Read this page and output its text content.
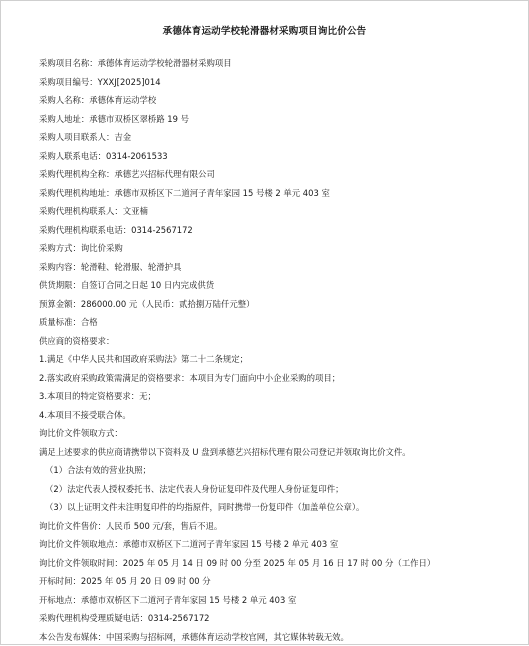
承德体育运动学校轮滑器材采购项目询比价公告
采购项目名称：承德体育运动学校轮滑器材采购项目
采购项目编号：YXXJ[2025]014
采购人名称：承德体育运动学校
采购人地址：承德市双桥区翠桥路 19 号
采购人项目联系人：吉金
采购人联系电话：0314-2061533
采购代理机构全称：承德艺兴招标代理有限公司
采购代理机构地址：承德市双桥区下二道河子青年家园 15 号楼 2 单元 403 室
采购代理机构联系人：文亚楠
采购代理机构联系电话：0314-2567172
采购方式：询比价采购
采购内容：轮滑鞋、轮滑服、轮滑护具
供货期限：自签订合同之日起 10 日内完成供货
预算金额：286000.00 元（人民币：贰拾捌万陆仟元整）
质量标准：合格
供应商的资格要求：
1.满足《中华人民共和国政府采购法》第二十二条规定；
2.落实政府采购政策需满足的资格要求：本项目为专门面向中小企业采购的项目；
3.本项目的特定资格要求：无；
4.本项目不接受联合体。
询比价文件领取方式：
满足上述要求的供应商请携带以下资料及 U 盘到承德艺兴招标代理有限公司登记并领取询比价文件。
（1）合法有效的营业执照；
（2）法定代表人授权委托书、法定代表人身份证复印件及代理人身份证复印件；
（3）以上证明文件未注明复印件的均指原件，同时携带一份复印件（加盖单位公章）。
询比价文件售价：人民币 500 元/套，售后不退。
询比价文件领取地点：承德市双桥区下二道河子青年家园 15 号楼 2 单元 403 室
询比价文件领取时间：2025 年 05 月 14 日 09 时 00 分至 2025 年 05 月 16 日 17 时 00 分（工作日）
开标时间：2025 年 05 月 20 日 09 时 00 分
开标地点：承德市双桥区下二道河子青年家园 15 号楼 2 单元 403 室
采购代理机构受理质疑电话：0314-2567172
本公告发布媒体：中国采购与招标网，承德体育运动学校官网，其它媒体转载无效。
